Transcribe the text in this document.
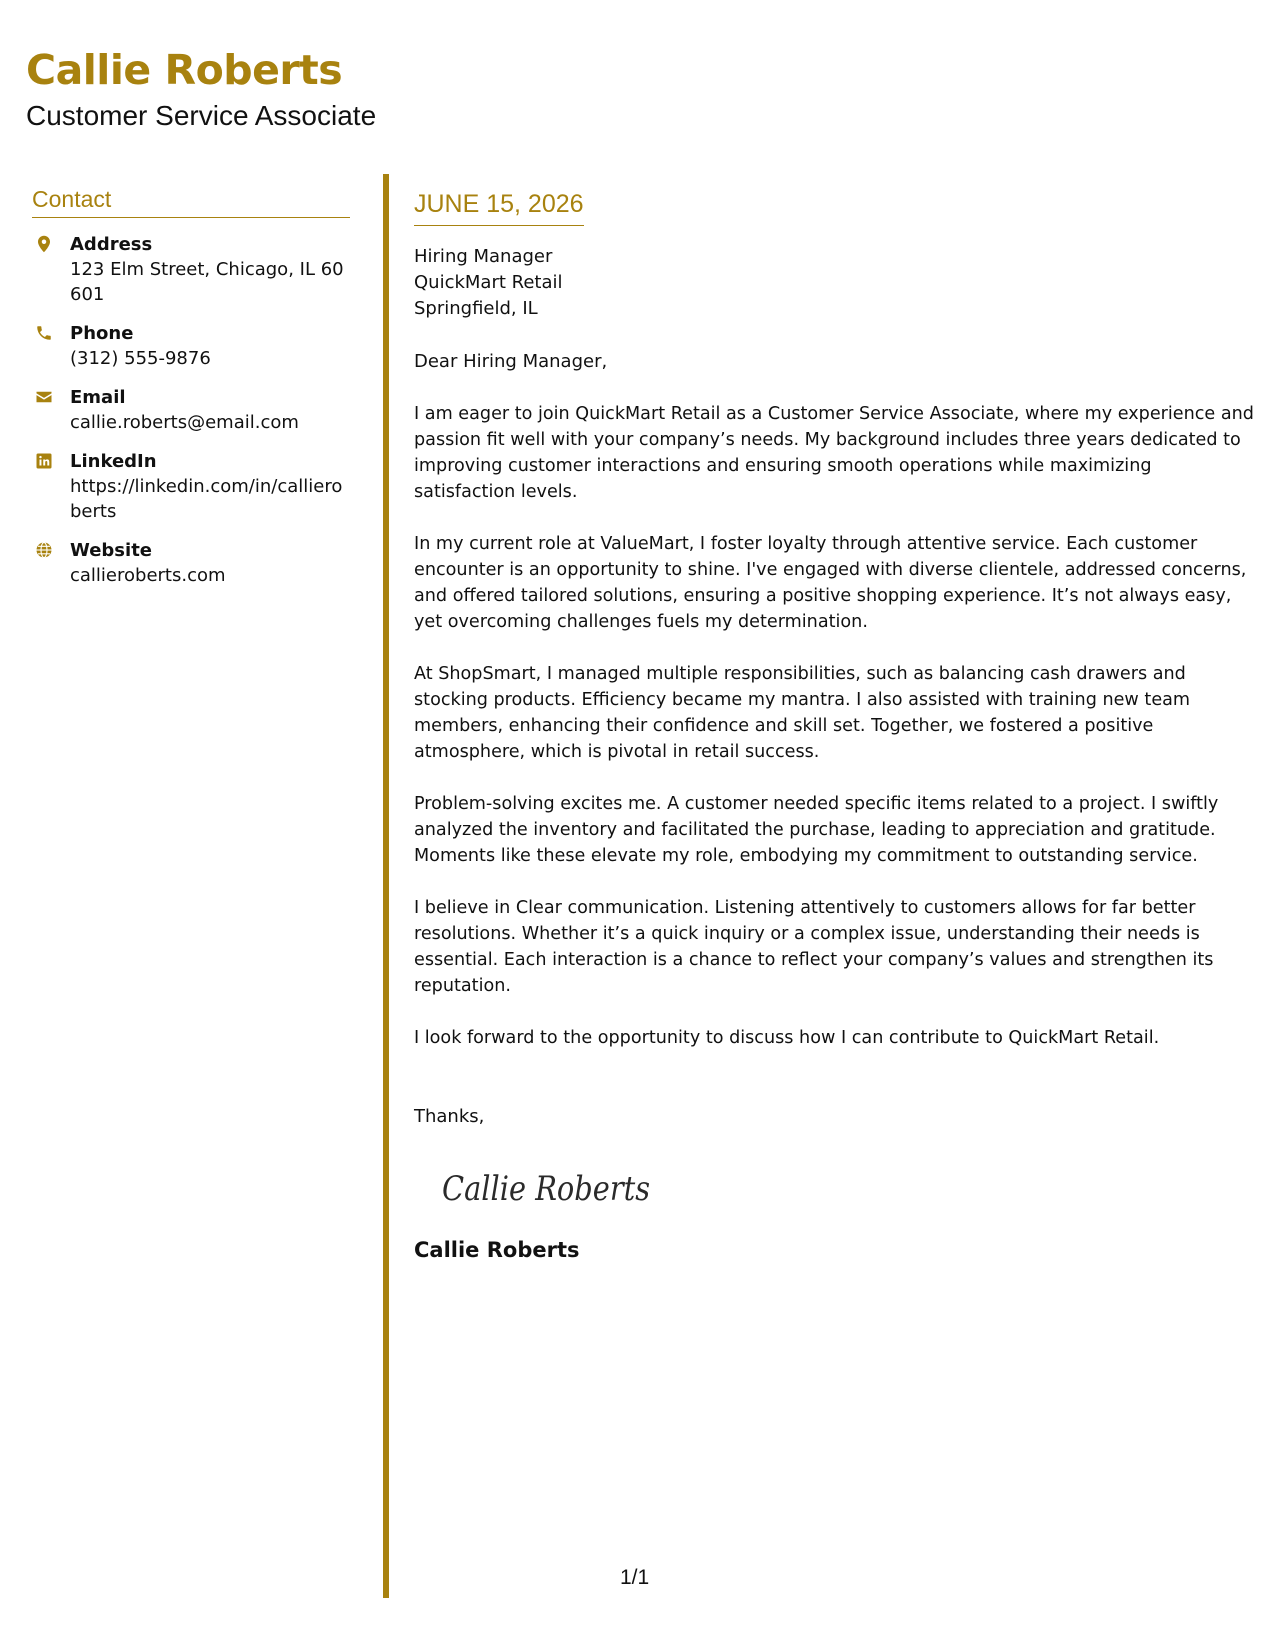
Callie Roberts
Customer Service Associate
Contact
Address
123 Elm Street, Chicago, IL 60601
Phone
(312) 555-9876
Email
callie.roberts@email.com
LinkedIn
https://linkedin.com/in/callieroberts
Website
callieroberts.com
JUNE 15, 2026
Hiring Manager
QuickMart Retail
Springfield, IL
Dear Hiring Manager,

I am eager to join QuickMart Retail as a Customer Service Associate, where my experience and passion fit well with your company’s needs. My background includes three years dedicated to improving customer interactions and ensuring smooth operations while maximizing satisfaction levels.

In my current role at ValueMart, I foster loyalty through attentive service. Each customer encounter is an opportunity to shine. I've engaged with diverse clientele, addressed concerns, and offered tailored solutions, ensuring a positive shopping experience. It’s not always easy, yet overcoming challenges fuels my determination.

At ShopSmart, I managed multiple responsibilities, such as balancing cash drawers and stocking products. Efficiency became my mantra. I also assisted with training new team members, enhancing their confidence and skill set. Together, we fostered a positive atmosphere, which is pivotal in retail success.

Problem-solving excites me. A customer needed specific items related to a project. I swiftly analyzed the inventory and facilitated the purchase, leading to appreciation and gratitude. Moments like these elevate my role, embodying my commitment to outstanding service.

I believe in Clear communication. Listening attentively to customers allows for far better resolutions. Whether it’s a quick inquiry or a complex issue, understanding their needs is essential. Each interaction is a chance to reflect your company’s values and strengthen its reputation.

I look forward to the opportunity to discuss how I can contribute to QuickMart Retail.

Thanks,
Callie Roberts
Callie Roberts
1/1
